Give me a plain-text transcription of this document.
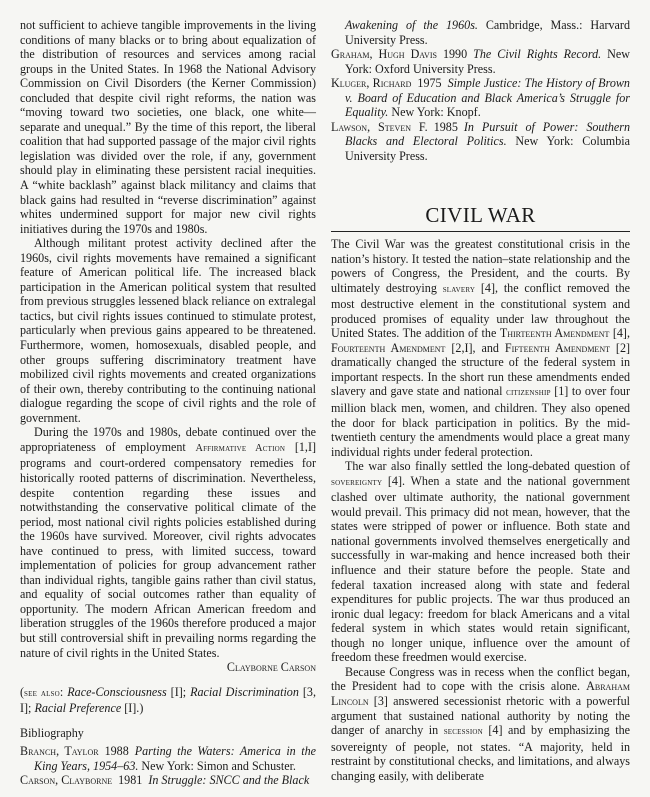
not sufficient to achieve tangible improvements in the living conditions of many blacks or to bring about equalization of the distribution of resources and services among racial groups in the United States. In 1968 the National Advisory Commission on Civil Disorders (the Kerner Commission) concluded that despite civil right reforms, the nation was “moving toward two societies, one black, one white—separate and unequal.” By the time of this report, the liberal coalition that had supported passage of the major civil rights legislation was divided over the role, if any, government should play in eliminating these persistent racial inequities. A “white backlash” against black militancy and claims that black gains had resulted in “reverse discrimination” against whites undermined support for major new civil rights initiatives during the 1970s and 1980s.

Although militant protest activity declined after the 1960s, civil rights movements have remained a significant feature of American political life. The increased black participation in the American political system that resulted from previous struggles lessened black reliance on extralegal tactics, but civil rights issues continued to stimulate protest, particularly when previous gains appeared to be threatened. Furthermore, women, homosexuals, disabled people, and other groups suffering discriminatory treatment have mobilized civil rights movements and created organizations of their own, thereby contributing to the continuing national dialogue regarding the scope of civil rights and the role of government.

During the 1970s and 1980s, debate continued over the appropriateness of employment Affirmative Action [1,I] programs and court-ordered compensatory remedies for historically rooted patterns of discrimination. Nevertheless, despite contention regarding these issues and notwithstanding the conservative political climate of the period, most national civil rights policies established during the 1960s have survived. Moreover, civil rights advocates have continued to press, with limited success, toward implementation of policies for group advancement rather than individual rights, tangible gains rather than civil status, and equality of social outcomes rather than equality of opportunity. The modern African American freedom and liberation struggles of the 1960s therefore produced a major but still controversial shift in prevailing norms regarding the nature of civil rights in the United States.

Clayborne Carson

(see also: Race-Consciousness [I]; Racial Discrimination [3, I]; Racial Preference [I].)

Bibliography

Branch, Taylor 1988 Parting the Waters: America in the King Years, 1954–63. New York: Simon and Schuster.

Carson, Clayborne 1981 In Struggle: SNCC and the Black

Awakening of the 1960s. Cambridge, Mass.: Harvard University Press.

Graham, Hugh Davis 1990 The Civil Rights Record. New York: Oxford University Press.

Kluger, Richard 1975 Simple Justice: The History of Brown v. Board of Education and Black America’s Struggle for Equality. New York: Knopf.

Lawson, Steven F. 1985 In Pursuit of Power: Southern Blacks and Electoral Politics. New York: Columbia University Press.

CIVIL WAR

The Civil War was the greatest constitutional crisis in the nation’s history. It tested the nation–state relationship and the powers of Congress, the President, and the courts. By ultimately destroying slavery [4], the conflict removed the most destructive element in the constitutional system and produced promises of equality under law throughout the United States. The addition of the Thirteenth Amendment [4], Fourteenth Amendment [2,I], and Fifteenth Amendment [2] dramatically changed the structure of the federal system in important respects. In the short run these amendments ended slavery and gave state and national citizenship [1] to over four million black men, women, and children. They also opened the door for black participation in politics. By the mid-twentieth century the amendments would place a great many individual rights under federal protection.

The war also finally settled the long-debated question of sovereignty [4]. When a state and the national government clashed over ultimate authority, the national government would prevail. This primacy did not mean, however, that the states were stripped of power or influence. Both state and national governments involved themselves energetically and successfully in war-making and hence increased both their influence and their stature before the people. State and federal taxation increased along with state and federal expenditures for public projects. The war thus produced an ironic dual legacy: freedom for black Americans and a vital federal system in which states would retain significant, though no longer unique, influence over the amount of freedom these freedmen would exercise.

Because Congress was in recess when the conflict began, the President had to cope with the crisis alone. Abraham Lincoln [3] answered secessionist rhetoric with a powerful argument that sustained national authority by noting the danger of anarchy in secession [4] and by emphasizing the sovereignty of people, not states. “A majority, held in restraint by constitutional checks, and limitations, and always changing easily, with deliberate
